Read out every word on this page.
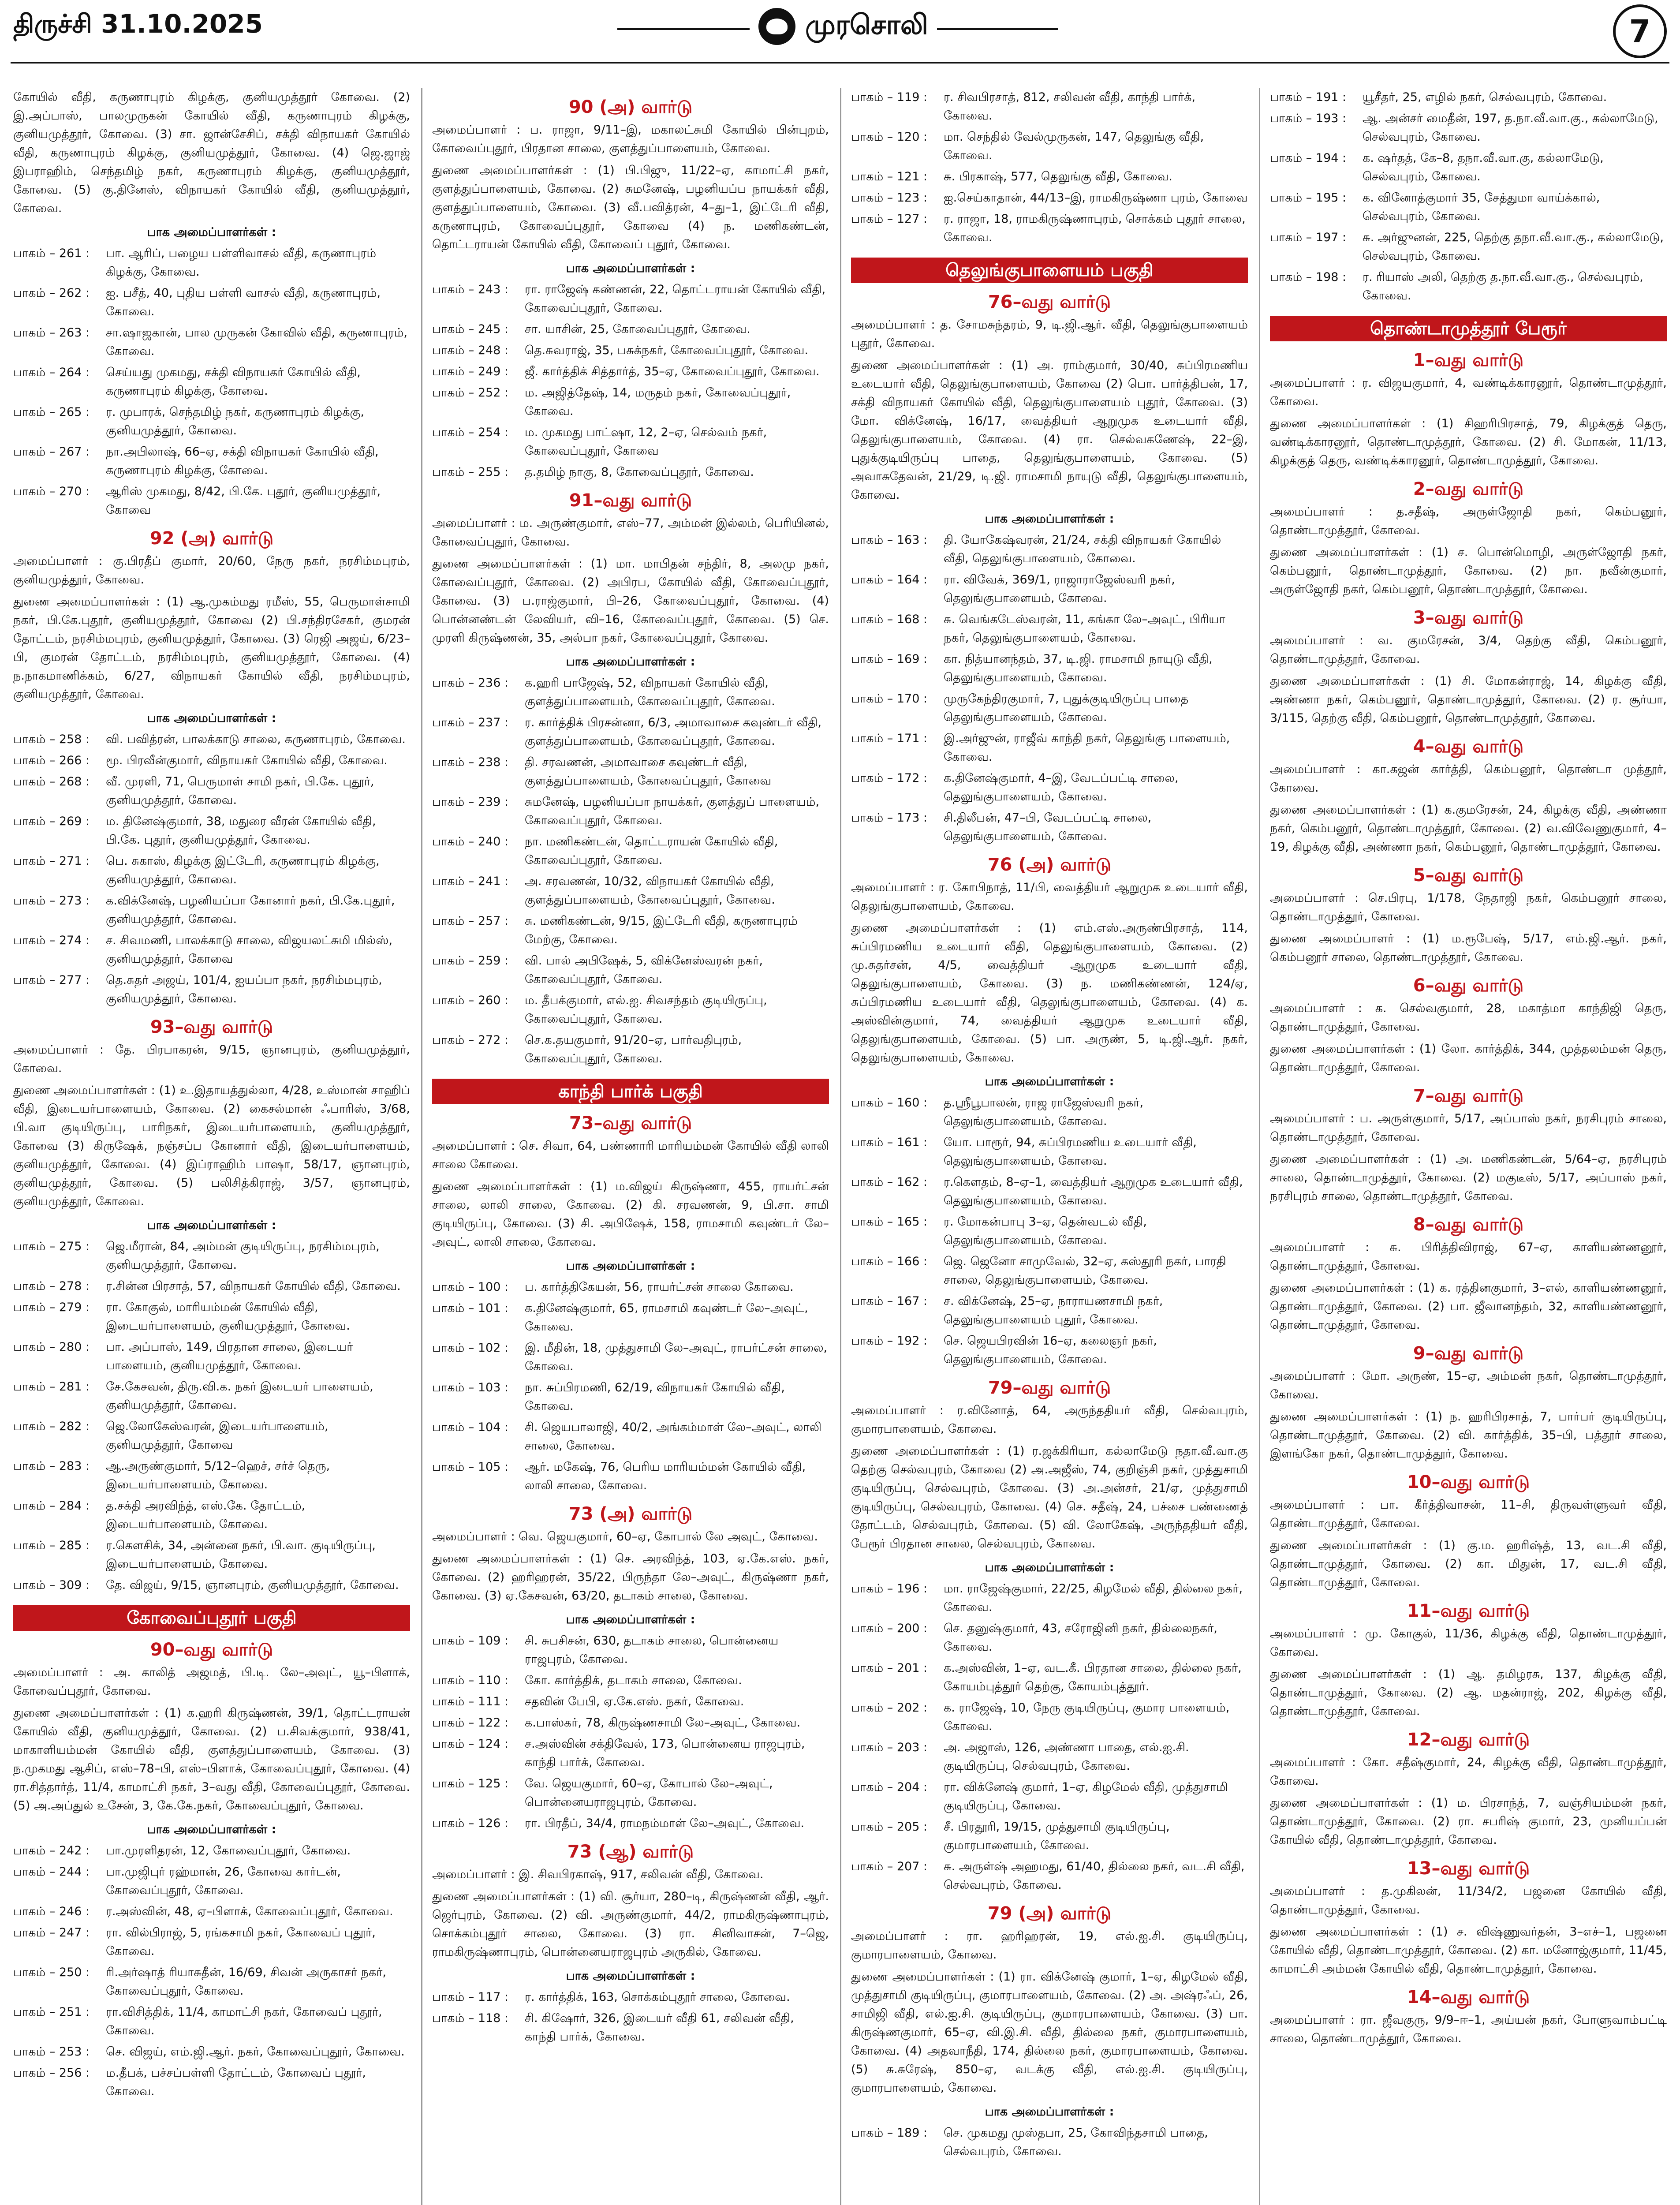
திருச்சி 31.10.2025	முரசொலி	7

கோயில் வீதி, கருணாபுரம் கிழக்கு, குனியமுத்தூர் கோவை. (2) இ.அப்பாஸ், பாலமுருகன் கோயில் வீதி, கருணாபுரம் கிழக்கு, குனியமுத்தூர், கோவை. (3) சா. ஜான்சேசிப், சக்தி விநாயகர் கோயில் வீதி, கருணாபுரம் கிழக்கு, குனியமுத்தூர், கோவை. (4) ஜெ.ஜாஜ் இபராஹிம், செந்தமிழ் நகர், கருணாபுரம் கிழக்கு, குனியமுத்தூர், கோவை. (5) கு.தினேஸ், விநாயகர் கோயில் வீதி, குனியமுத்தூர், கோவை.

பாக அமைப்பாளர்கள் :
பாகம் – 261 :	பா. ஆரிப், பழைய பள்ளிவாசல் வீதி, கருணாபுரம் கிழக்கு, கோவை.
பாகம் – 262 :	ஐ. பசீத், 40, புதிய பள்ளி வாசல் வீதி, கருணாபுரம், கோவை.
பாகம் – 263 :	சா.ஷாஜகான், பால முருகன் கோவில் வீதி, கருணாபுரம், கோவை.
பாகம் – 264 :	செய்யது முகமது, சக்தி விநாயகர் கோயில் வீதி, கருணாபுரம் கிழக்கு, கோவை.
பாகம் – 265 :	ர. முபாரக், செந்தமிழ் நகர், கருணாபுரம் கிழக்கு, குனியமுத்தூர், கோவை.
பாகம் – 267 :	நா.அபிலாஷ், 66–ஏ, சக்தி விநாயகர் கோயில் வீதி, கருணாபுரம் கிழக்கு, கோவை.
பாகம் – 270 :	ஆரிஸ் முகமது, 8/42, பி.கே. புதூர், குனியமுத்தூர், கோவை
92 (அ) வார்டு

அமைப்பாளர் : கு.பிரதீப் குமார், 20/60, நேரு நகர், நரசிம்மபுரம், குனியமுத்தூர், கோவை.

துணை அமைப்பாளர்கள் : (1) ஆ.முகம்மது ரமீஸ், 55, பெருமாள்சாமி நகர், பி.கே.புதூர், குனியமுத்தூர், கோவை (2) பி.சந்திரசேகர், குமரன் தோட்டம், நரசிம்மபுரம், குனியமுத்தூர், கோவை. (3) ரெஜி அஜய், 6/23–பி, குமரன் தோட்டம், நரசிம்மபுரம், குனியமுத்தூர், கோவை. (4) ந.நாகமாணிக்கம், 6/27, விநாயகர் கோயில் வீதி, நரசிம்மபுரம், குனியமுத்தூர், கோவை.

பாக அமைப்பாளர்கள் :
பாகம் – 258 :	வி. பவித்ரன், பாலக்காடு சாலை, கருணாபுரம், கோவை.
பாகம் – 266 :	மூ. பிரவீன்குமார், விநாயகர் கோயில் வீதி, கோவை.
பாகம் – 268 :	வீ. முரளி, 71, பெருமாள் சாமி நகர், பி.கே. புதூர், குனியமுத்தூர், கோவை.
பாகம் – 269 :	ம. தினேஷ்குமார், 38, மதுரை வீரன் கோயில் வீதி, பி.கே. புதூர், குனியமுத்தூர், கோவை.
பாகம் – 271 :	பெ. சுகாஸ், கிழக்கு இட்டேரி, கருணாபுரம் கிழக்கு, குனியமுத்தூர், கோவை.
பாகம் – 273 :	க.விக்னேஷ், பழனியப்பா கோனார் நகர், பி.கே.புதூர், குனியமுத்தூர், கோவை.
பாகம் – 274 :	ச. சிவமணி, பாலக்காடு சாலை, விஜயலட்சுமி மில்ஸ், குனியமுத்தூர், கோவை
பாகம் – 277 :	தெ.சுதர் அஜய், 101/4, ஐயப்பா நகர், நரசிம்மபுரம், குனியமுத்தூர், கோவை.
93–வது வார்டு

அமைப்பாளர் : தே. பிரபாகரன், 9/15, ஞானபுரம், குனியமுத்தூர், கோவை.

துணை அமைப்பாளர்கள் : (1) உ.இதாயத்துல்லா, 4/28, உஸ்மான் சாஹிப் வீதி, இடையர்பாளையம், கோவை. (2) கைசல்மான் ஃபாரிஸ், 3/68, பி.வா குடியிருப்பு, பாரிநகர், இடையர்பாளையம், குனியமுத்தூர், கோவை (3) கிருஷேக், நஞ்சப்ப கோனார் வீதி, இடையர்பாளையம், குனியமுத்தூர், கோவை. (4) இப்ராஹிம் பாஷா, 58/17, ஞானபுரம், குனியமுத்தூர், கோவை. (5) பலிசித்கிராஜ், 3/57, ஞானபுரம், குனியமுத்தூர், கோவை.

பாக அமைப்பாளர்கள் :
பாகம் – 275 :	ஜெ.மீரான், 84, அம்மன் குடியிருப்பு, நரசிம்மபுரம், குனியமுத்தூர், கோவை.
பாகம் – 278 :	ர.சின்ன பிரசாத், 57, விநாயகர் கோயில் வீதி, கோவை.
பாகம் – 279 :	ரா. கோகுல், மாரியம்மன் கோயில் வீதி, இடையர்பாளையம், குனியமுத்தூர், கோவை.
பாகம் – 280 :	பா. அப்பாஸ், 149, பிரதான சாலை, இடையர் பாளையம், குனியமுத்தூர், கோவை.
பாகம் – 281 :	சே.கேசவன், திரு.வி.க. நகர் இடையர் பாளையம், குனியமுத்தூர், கோவை.
பாகம் – 282 :	ஜெ.லோகேஸ்வரன், இடையர்பாளையம், குனியமுத்தூர், கோவை
பாகம் – 283 :	ஆ.அருண்குமார், 5/12–ஹெச், சர்ச் தெரு, இடையர்பாளையம், கோவை.
பாகம் – 284 :	த.சக்தி அரவிந்த், எஸ்.கே. தோட்டம், இடையர்பாளையம், கோவை.
பாகம் – 285 :	ர.கௌசிக், 34, அன்னை நகர், பி.வா. குடியிருப்பு, இடையர்பாளையம், கோவை.
பாகம் – 309 :	தே. விஜய், 9/15, ஞானபுரம், குனியமுத்தூர், கோவை.
கோவைப்புதூர் பகுதி
90–வது வார்டு

அமைப்பாளர் : அ. காலித் அஜமத், பி.டி. லே–அவுட், யூ–பிளாக், கோவைப்புதூர், கோவை.

துணை அமைப்பாளர்கள் : (1) க.ஹரி கிருஷ்ணன், 39/1, தொட்டராயன் கோயில் வீதி, குனியமுத்தூர், கோவை. (2) ப.சிவக்குமார், 938/41, மாகாளியம்மன் கோயில் வீதி, குளத்துப்பாளையம், கோவை. (3) ந.முகமது ஆசிப், எஸ்–78–பி, எஸ்–பிளாக், கோவைப்புதூர், கோவை. (4) ரா.சித்தார்த், 11/4, காமாட்சி நகர், 3–வது வீதி, கோவைப்புதூர், கோவை. (5) அ.அப்துல் உசேன், 3, கே.கே.நகர், கோவைப்புதூர், கோவை.

பாக அமைப்பாளர்கள் :
பாகம் – 242 :	பா.முரளிதரன், 12, கோவைப்புதூர், கோவை.
பாகம் – 244 :	பா.முஜிபுர் ரஹ்மான், 26, கோவை கார்டன், கோவைப்புதூர், கோவை.
பாகம் – 246 :	ர.அஸ்வின், 48, ஏ–பிளாக், கோவைப்புதூர், கோவை.
பாகம் – 247 :	ரா. வில்பிராஜ், 5, ரங்கசாமி நகர், கோவைப் புதூர், கோவை.
பாகம் – 250 :	ரி.அர்ஷாத் ரியாசுதீன், 16/69, சிவன் அருகாசர் நகர், கோவைப்புதூர், கோவை.
பாகம் – 251 :	ரா.விசித்திக், 11/4, காமாட்சி நகர், கோவைப் புதூர், கோவை.
பாகம் – 253 :	செ. விஜய், எம்.ஜி.ஆர். நகர், கோவைப்புதூர், கோவை.
பாகம் – 256 :	ம.தீபக், பச்சப்பள்ளி தோட்டம், கோவைப் புதூர், கோவை.
90 (அ) வார்டு

அமைப்பாளர் : ப. ராஜா, 9/11–இ, மகாலட்சுமி கோயில் பின்புறம், கோவைப்புதூர், பிரதான சாலை, குளத்துப்பாளையம், கோவை.

துணை அமைப்பாளர்கள் : (1) பி.பிஜு, 11/22–ஏ, காமாட்சி நகர், குளத்துப்பாளையம், கோவை. (2) சுமனேஷ், பழனியப்ப நாயக்கர் வீதி, குளத்துப்பாளையம், கோவை. (3) வீ.பவித்ரன், 4–து–1, இட்டேரி வீதி, கருணாபுரம், கோவைப்புதூர், கோவை (4) ந. மணிகண்டன், தொட்டராயன் கோயில் வீதி, கோவைப் புதூர், கோவை.

பாக அமைப்பாளர்கள் :
பாகம் – 243 :	ரா. ராஜேஷ் கண்ணன், 22, தொட்டராயன் கோயில் வீதி, கோவைப்புதூர், கோவை.
பாகம் – 245 :	சா. யாசின், 25, கோவைப்புதூர், கோவை.
பாகம் – 248 :	தெ.சுவராஜ், 35, பசுக்நகர், கோவைப்புதூர், கோவை.
பாகம் – 249 :	ஜீ. கார்த்திக் சித்தார்த், 35–ஏ, கோவைப்புதூர், கோவை.
பாகம் – 252 :	ம. அஜித்தேஷ், 14, மருதம் நகர், கோவைப்புதூர், கோவை.
பாகம் – 254 :	ம. முகமது பாட்ஷா, 12, 2–ஏ, செல்வம் நகர், கோவைப்புதூர், கோவை
பாகம் – 255 :	த.தமிழ் நாகு, 8, கோவைப்புதூர், கோவை.
91–வது வார்டு

அமைப்பாளர் : ம. அருண்குமார், எஸ்–77, அம்மன் இல்லம், பெரியினல், கோவைப்புதூர், கோவை.

துணை அமைப்பாளர்கள் : (1) மா. மாபிதன் சந்திர், 8, அலமு நகர், கோவைப்புதூர், கோவை. (2) அபிரப, கோயில் வீதி, கோவைப்புதூர், கோவை. (3) ப.ராஜ்குமார், பி–26, கோவைப்புதூர், கோவை. (4) பொன்னண்டன் லேவியர், வி–16, கோவைப்புதூர், கோவை. (5) செ. முரளி கிருஷ்ணன், 35, அல்பா நகர், கோவைப்புதூர், கோவை.

பாக அமைப்பாளர்கள் :
பாகம் – 236 :	க.ஹரி பாஜேஷ், 52, விநாயகர் கோயில் வீதி, குளத்துப்பாளையம், கோவைப்புதூர், கோவை.
பாகம் – 237 :	ர. கார்த்திக் பிரசன்னா, 6/3, அமாவாசை கவுண்டர் வீதி, குளத்துப்பாளையம், கோவைப்புதூர், கோவை.
பாகம் – 238 :	தி. சரவணன், அமாவாசை கவுண்டர் வீதி, குளத்துப்பாளையம், கோவைப்புதூர், கோவை
பாகம் – 239 :	சுமனேஷ், பழனியப்பா நாயக்கர், குளத்துப் பாளையம், கோவைப்புதூர், கோவை.
பாகம் – 240 :	நா. மணிகண்டன், தொட்டராயன் கோயில் வீதி, கோவைப்புதூர், கோவை.
பாகம் – 241 :	அ. சரவணன், 10/32, விநாயகர் கோயில் வீதி, குளத்துப்பாளையம், கோவைப்புதூர், கோவை.
பாகம் – 257 :	சு. மணிகண்டன், 9/15, இட்டேரி வீதி, கருணாபுரம் மேற்கு, கோவை.
பாகம் – 259 :	வி. பால் அபிஷேக், 5, விக்னேஸ்வரன் நகர், கோவைப்புதூர், கோவை.
பாகம் – 260 :	ம. தீபக்குமார், எல்.ஐ. சிவசந்தம் குடியிருப்பு, கோவைப்புதூர், கோவை.
பாகம் – 272 :	செ.க.தயகுமார், 91/20–ஏ, பார்வதிபுரம், கோவைப்புதூர், கோவை.
காந்தி பார்க் பகுதி
73–வது வார்டு

அமைப்பாளர் : செ. சிவா, 64, பண்ணாரி மாரியம்மன் கோயில் வீதி லாலி சாலை கோவை.

துணை அமைப்பாளர்கள் : (1) ம.விஜய் கிருஷ்ணா, 455, ராயர்ட்சன் சாலை, லாலி சாலை, கோவை. (2) கி. சரவணன், 9, பி.சா. சாமி குடியிருப்பு, கோவை. (3) சி. அபிஷேக், 158, ராமசாமி கவுண்டர் லே–அவுட், லாலி சாலை, கோவை.

பாக அமைப்பாளர்கள் :
பாகம் – 100 :	ப. கார்த்திகேயன், 56, ராயர்ட்சன் சாலை கோவை.
பாகம் – 101 :	க.தினேஷ்குமார், 65, ராமசாமி கவுண்டர் லே–அவுட், கோவை.
பாகம் – 102 :	இ. மீதின், 18, முத்துசாமி லே–அவுட், ராபர்ட்சன் சாலை, கோவை.
பாகம் – 103 :	நா. சுப்பிரமணி, 62/19, விநாயகர் கோயில் வீதி, கோவை.
பாகம் – 104 :	சி. ஜெயபாலாஜி, 40/2, அங்கம்மாள் லே–அவுட், லாலி சாலை, கோவை.
பாகம் – 105 :	ஆர். மகேஷ், 76, பெரிய மாரியம்மன் கோயில் வீதி, லாலி சாலை, கோவை.
73 (அ) வார்டு

அமைப்பாளர் : வெ. ஜெயகுமார், 60–ஏ, கோபால் லே அவுட், கோவை.

துணை அமைப்பாளர்கள் : (1) செ. அரவிந்த், 103, ஏ.கே.எஸ். நகர், கோவை. (2) ஹரிஹரன், 35/22, பிருந்தா லே–அவுட், கிருஷ்ணா நகர், கோவை. (3) ஏ.கேசவன், 63/20, தடாகம் சாலை, கோவை.

பாக அமைப்பாளர்கள் :
பாகம் – 109 :	சி. சுபசிசன், 630, தடாகம் சாலை, பொன்னைய ராஜபுரம், கோவை.
பாகம் – 110 :	கோ. கார்த்திக், தடாகம் சாலை, கோவை.
பாகம் – 111 :	சதவின் பேபி, ஏ.கே.எஸ். நகர், கோவை.
பாகம் – 122 :	க.பாஸ்கர், 78, கிருஷ்ணசாமி லே–அவுட், கோவை.
பாகம் – 124 :	ச.அஸ்வின் சக்திவேல், 173, பொன்னைய ராஜபுரம், காந்தி பார்க், கோவை.
பாகம் – 125 :	வே. ஜெயகுமார், 60–ஏ, கோபால் லே–அவுட், பொன்னையராஜபுரம், கோவை.
பாகம் – 126 :	ரா. பிரதீப், 34/4, ராமநம்மாள் லே–அவுட், கோவை.
73 (ஆ) வார்டு

அமைப்பாளர் : இ. சிவபிரகாஷ், 917, சலிவன் வீதி, கோவை.

துணை அமைப்பாளர்கள் : (1) வி. சூர்யா, 280–டி, கிருஷ்ணன் வீதி, ஆர். ஜெர்புரம், கோவை. (2) வி. அருண்குமார், 44/2, ராமகிருஷ்ணாபுரம், சொக்கம்புதூர் சாலை, கோவை. (3) ரா. சினிவாசன், 7–ஜெ, ராமகிருஷ்ணாபுரம், பொன்னையராஜபுரம் அருகில், கோவை.

பாக அமைப்பாளர்கள் :
பாகம் – 117 :	ர. கார்த்திக், 163, சொக்கம்புதூர் சாலை, கோவை.
பாகம் – 118 :	சி. கிஷோர், 326, இடையர் வீதி 61, சலிவன் வீதி, காந்தி பார்க், கோவை.
பாகம் – 119 :	ர. சிவபிரசாத், 812, சலிவன் வீதி, காந்தி பார்க், கோவை.
பாகம் – 120 :	மா. செந்தில் வேல்முருகன், 147, தெலுங்கு வீதி, கோவை.
பாகம் – 121 :	சு. பிரகாஷ், 577, தெலுங்கு வீதி, கோவை.
பாகம் – 123 :	ஐ.செய்காதான், 44/13–இ, ராமகிருஷ்ணா புரம், கோவை
பாகம் – 127 :	ர. ராஜா, 18, ராமகிருஷ்ணாபுரம், சொக்கம் புதூர் சாலை, கோவை.
தெலுங்குபாளையம் பகுதி
76–வது வார்டு

அமைப்பாளர் : த. சோமசுந்தரம், 9, டி.ஜி.ஆர். வீதி, தெலுங்குபாளையம் புதூர், கோவை.

துணை அமைப்பாளர்கள் : (1) அ. ராம்குமார், 30/40, சுப்பிரமணிய உடையார் வீதி, தெலுங்குபாளையம், கோவை (2) பொ. பார்த்திபன், 17, சக்தி விநாயகர் கோயில் வீதி, தெலுங்குபாளையம் புதூர், கோவை. (3) மோ. விக்னேஷ், 16/17, வைத்தியர் ஆறுமுக உடையார் வீதி, தெலுங்குபாளையம், கோவை. (4) ரா. செல்வகணேஷ், 22–இ, புதுக்குடியிருப்பு பாதை, தெலுங்குபாளையம், கோவை. (5) அவாசுதேவன், 21/29, டி.ஜி. ராமசாமி நாயுடு வீதி, தெலுங்குபாளையம், கோவை.

பாக அமைப்பாளர்கள் :
பாகம் – 163 :	தி. யோகேஷ்வரன், 21/24, சக்தி விநாயகர் கோயில் வீதி, தெலுங்குபாளையம், கோவை.
பாகம் – 164 :	ரா. விவேக், 369/1, ராஜாராஜேஸ்வரி நகர், தெலுங்குபாளையம், கோவை.
பாகம் – 168 :	சு. வெங்கடேஸ்வரன், 11, கங்கா லே–அவுட், பிரியா நகர், தெலுங்குபாளையம், கோவை.
பாகம் – 169 :	கா. நித்யானந்தம், 37, டி.ஜி. ராமசாமி நாயுடு வீதி, தெலுங்குபாளையம், கோவை.
பாகம் – 170 :	முருகேந்திரகுமார், 7, புதுக்குடியிருப்பு பாதை தெலுங்குபாளையம், கோவை.
பாகம் – 171 :	இ.அர்ஜுன், ராஜீவ் காந்தி நகர், தெலுங்கு பாளையம், கோவை.
பாகம் – 172 :	க.தினேஷ்குமார், 4–இ, வேடப்பட்டி சாலை, தெலுங்குபாளையம், கோவை.
பாகம் – 173 :	சி.திலீபன், 47–பி, வேடப்பட்டி சாலை, தெலுங்குபாளையம், கோவை.
76 (அ) வார்டு

அமைப்பாளர் : ர. கோபிநாத், 11/பி, வைத்தியர் ஆறுமுக உடையார் வீதி, தெலுங்குபாளையம், கோவை.

துணை அமைப்பாளர்கள் : (1) எம்.எஸ்.அருண்பிரசாத், 114, சுப்பிரமணிய உடையார் வீதி, தெலுங்குபாளையம், கோவை. (2) மு.சுதர்சன், 4/5, வைத்தியர் ஆறுமுக உடையார் வீதி, தெலுங்குபாளையம், கோவை. (3) ந. மணிகண்ணன், 124/ஏ, சுப்பிரமணிய உடையார் வீதி, தெலுங்குபாளையம், கோவை. (4) க. அஸ்வின்குமார், 74, வைத்தியர் ஆறுமுக உடையார் வீதி, தெலுங்குபாளையம், கோவை. (5) பா. அருண், 5, டி.ஜி.ஆர். நகர், தெலுங்குபாளையம், கோவை.

பாக அமைப்பாளர்கள் :
பாகம் – 160 :	த.ஸ்ரீபூபாலன், ராஜ ராஜேஸ்வரி நகர், தெலுங்குபாளையம், கோவை.
பாகம் – 161 :	யோ. பாரூர், 94, சுப்பிரமணிய உடையார் வீதி, தெலுங்குபாளையம், கோவை.
பாகம் – 162 :	ர.கௌதம், 8–ஏ–1, வைத்தியர் ஆறுமுக உடையார் வீதி, தெலுங்குபாளையம், கோவை.
பாகம் – 165 :	ர. மோகன்பாபு 3–ஏ, தென்வடல் வீதி, தெலுங்குபாளையம், கோவை.
பாகம் – 166 :	ஜெ. ஜெனோ சாமுவேல், 32–ஏ, கஸ்தூரி நகர், பாரதி சாலை, தெலுங்குபாளையம், கோவை.
பாகம் – 167 :	ச. விக்னேஷ், 25–ஏ, நாராயணசாமி நகர், தெலுங்குபாளையம் புதூர், கோவை.
பாகம் – 192 :	செ. ஜெயபிரவின் 16–ஏ, கலைஞர் நகர், தெலுங்குபாளையம், கோவை.
79–வது வார்டு

அமைப்பாளர் : ர.வினோத், 64, அருந்ததியர் வீதி, செல்வபுரம், குமாரபாளையம், கோவை.

துணை அமைப்பாளர்கள் : (1) ர.ஜக்கிரியா, கல்லாமேடு நதா.வீ.வா.கு தெற்கு செல்வபுரம், கோவை (2) அ.அஜீஸ், 74, குறிஞ்சி நகர், முத்துசாமி குடியிருப்பு, செல்வபுரம், கோவை. (3) அ.அன்சர், 21/ஏ, முத்துசாமி குடியிருப்பு, செல்வபுரம், கோவை. (4) செ. சதீஷ், 24, பச்சை பண்ணைத் தோட்டம், செல்வபுரம், கோவை. (5) வி. லோகேஷ், அருந்ததியர் வீதி, பேரூர் பிரதான சாலை, செல்வபுரம், கோவை.

பாக அமைப்பாளர்கள் :
பாகம் – 196 :	மா. ராஜேஷ்குமார், 22/25, கிழமேல் வீதி, தில்லை நகர், கோவை.
பாகம் – 200 :	செ. தனுஷ்குமார், 43, சரோஜினி நகர், தில்லைநகர், கோவை.
பாகம் – 201 :	க.அஸ்வின், 1–ஏ, வட.கீ. பிரதான சாலை, தில்லை நகர், கோயம்புத்தூர் தெற்கு, கோயம்புத்தூர்.
பாகம் – 202 :	க. ராஜேஷ், 10, நேரு குடியிருப்பு, குமார பாளையம், கோவை.
பாகம் – 203 :	அ. அஜாஸ், 126, அண்ணா பாதை, எல்.ஐ.சி. குடியிருப்பு, செல்வபுரம், கோவை.
பாகம் – 204 :	ரா. விக்னேஷ் குமார், 1–ஏ, கிழமேல் வீதி, முத்துசாமி குடியிருப்பு, கோவை.
பாகம் – 205 :	சீ. பிரதூரி, 19/15, முத்துசாமி குடியிருப்பு, குமாரபாளையம், கோவை.
பாகம் – 207 :	சு. அருள்ஷ் அஹமது, 61/40, தில்லை நகர், வட.சி வீதி, செல்வபுரம், கோவை.
79 (அ) வார்டு

அமைப்பாளர் : ரா. ஹரிஹரன், 19, எல்.ஐ.சி. குடியிருப்பு, குமாரபாளையம், கோவை.

துணை அமைப்பாளர்கள் : (1) ரா. விக்னேஷ் குமார், 1–ஏ, கிழமேல் வீதி, முத்துசாமி குடியிருப்பு, குமாரபாளையம், கோவை. (2) அ. அஷ்ரஃப், 26, சாமிஜி வீதி, எல்.ஐ.சி. குடியிருப்பு, குமாரபாளையம், கோவை. (3) பா. கிருஷ்ணகுமார், 65–ஏ, வி.இ.சி. வீதி, தில்லை நகர், குமாரபாளையம், கோவை. (4) அதவாநீதி, 174, தில்லை நகர், குமாரபாளையம், கோவை. (5) சு.சுரேஷ், 850–ஏ, வடக்கு வீதி, எல்.ஐ.சி. குடியிருப்பு, குமாரபாளையம், கோவை.

பாக அமைப்பாளர்கள் :
பாகம் – 189 :	செ. முகமது முஸ்தபா, 25, கோவிந்தசாமி பாதை, செல்வபுரம், கோவை.
பாகம் – 191 :	யூசீதர், 25, எழில் நகர், செல்வபுரம், கோவை.
பாகம் – 193 :	ஆ. அன்சர் மைதீன், 197, த.நா.வீ.வா.கு., கல்லாமேடு, செல்வபுரம், கோவை.
பாகம் – 194 :	க. ஷர்தத், கே–8, தநா.வீ.வா.கு, கல்லாமேடு, செல்வபுரம், கோவை.
பாகம் – 195 :	க. வினோத்குமார் 35, சேத்துமா வாய்க்கால், செல்வபுரம், கோவை.
பாகம் – 197 :	சு. அர்ஜுனன், 225, தெற்கு தநா.வீ.வா.கு., கல்லாமேடு, செல்வபுரம், கோவை.
பாகம் – 198 :	ர. ரியாஸ் அலி, தெற்கு த.நா.வீ.வா.கு., செல்வபுரம், கோவை.
தொண்டாமுத்தூர் பேரூர்
1–வது வார்டு

அமைப்பாளர் : ர. விஜயகுமார், 4, வண்டிக்காரனூர், தொண்டாமுத்தூர், கோவை.

துணை அமைப்பாளர்கள் : (1) சிஹரிபிரசாத், 79, கிழக்குத் தெரு, வண்டிக்காரனூர், தொண்டாமுத்தூர், கோவை. (2) சி. மோகன், 11/13, கிழக்குத் தெரு, வண்டிக்காரனூர், தொண்டாமுத்தூர், கோவை.

2–வது வார்டு

அமைப்பாளர் : த.சதீஷ், அருள்ஜோதி நகர், கெம்பனூர், தொண்டாமுத்தூர், கோவை.

துணை அமைப்பாளர்கள் : (1) ச. பொன்மொழி, அருள்ஜோதி நகர், கெம்பனூர், தொண்டாமுத்தூர், கோவை. (2) நா. நவீன்குமார், அருள்ஜோதி நகர், கெம்பனூர், தொண்டாமுத்தூர், கோவை.

3–வது வார்டு

அமைப்பாளர் : வ. குமரேசன், 3/4, தெற்கு வீதி, கெம்பனூர், தொண்டாமுத்தூர், கோவை.

துணை அமைப்பாளர்கள் : (1) சி. மோகன்ராஜ், 14, கிழக்கு வீதி, அண்ணா நகர், கெம்பனூர், தொண்டாமுத்தூர், கோவை. (2) ர. சூர்யா, 3/115, தெற்கு வீதி, கெம்பனூர், தொண்டாமுத்தூர், கோவை.

4–வது வார்டு

அமைப்பாளர் : கா.கஜன் கார்த்தி, கெம்பனூர், தொண்டா முத்தூர், கோவை.

துணை அமைப்பாளர்கள் : (1) க.குமரேசன், 24, கிழக்கு வீதி, அண்ணா நகர், கெம்பனூர், தொண்டாமுத்தூர், கோவை. (2) வ.விவேணுகுமார், 4–19, கிழக்கு வீதி, அண்ணா நகர், கெம்பனூர், தொண்டாமுத்தூர், கோவை.

5–வது வார்டு

அமைப்பாளர் : செ.பிரபு, 1/178, நேதாஜி நகர், கெம்பனூர் சாலை, தொண்டாமுத்தூர், கோவை.

துணை அமைப்பாளர் : (1) ம.ரூபேஷ், 5/17, எம்.ஜி.ஆர். நகர், கெம்பனூர் சாலை, தொண்டாமுத்தூர், கோவை.

6–வது வார்டு

அமைப்பாளர் : க. செல்வகுமார், 28, மகாத்மா காந்திஜி தெரு, தொண்டாமுத்தூர், கோவை.

துணை அமைப்பாளர்கள் : (1) லோ. கார்த்திக், 344, முத்தலம்மன் தெரு, தொண்டாமுத்தூர், கோவை.

7–வது வார்டு

அமைப்பாளர் : ப. அருள்குமார், 5/17, அப்பாஸ் நகர், நரசிபுரம் சாலை, தொண்டாமுத்தூர், கோவை.

துணை அமைப்பாளர்கள் : (1) அ. மணிகண்டன், 5/64–ஏ, நரசிபுரம் சாலை, தொண்டாமுத்தூர், கோவை. (2) மகுடீஸ், 5/17, அப்பாஸ் நகர், நரசிபுரம் சாலை, தொண்டாமுத்தூர், கோவை.

8–வது வார்டு

அமைப்பாளர் : சு. பிரித்திவிராஜ், 67–ஏ, காளியண்ணனூர், தொண்டாமுத்தூர், கோவை.

துணை அமைப்பாளர்கள் : (1) க. ரத்தினகுமார், 3–எல், காளியண்ணனூர், தொண்டாமுத்தூர், கோவை. (2) பா. ஜீவானந்தம், 32, காளியண்ணனூர், தொண்டாமுத்தூர், கோவை.

9–வது வார்டு

அமைப்பாளர் : மோ. அருண், 15–ஏ, அம்மன் நகர், தொண்டாமுத்தூர், கோவை.

துணை அமைப்பாளர்கள் : (1) ந. ஹரிபிரசாத், 7, பார்பர் குடியிருப்பு, தொண்டாமுத்தூர், கோவை. (2) வி. கார்த்திக், 35–பி, பத்தூர் சாலை, இளங்கோ நகர், தொண்டாமுத்தூர், கோவை.

10–வது வார்டு

அமைப்பாளர் : பா. கீர்த்திவாசன், 11–சி, திருவள்ளுவர் வீதி, தொண்டாமுத்தூர், கோவை.

துணை அமைப்பாளர்கள் : (1) கு.ம. ஹரிஷ்த், 13, வட.சி வீதி, தொண்டாமுத்தூர், கோவை. (2) கா. மிதுன், 17, வட.சி வீதி, தொண்டாமுத்தூர், கோவை.

11–வது வார்டு

அமைப்பாளர் : மு. கோகுல், 11/36, கிழக்கு வீதி, தொண்டாமுத்தூர், கோவை.

துணை அமைப்பாளர்கள் : (1) ஆ. தமிழரசு, 137, கிழக்கு வீதி, தொண்டாமுத்தூர், கோவை. (2) ஆ. மதன்ராஜ், 202, கிழக்கு வீதி, தொண்டாமுத்தூர், கோவை.

12–வது வார்டு

அமைப்பாளர் : கோ. சதீஷ்குமார், 24, கிழக்கு வீதி, தொண்டாமுத்தூர், கோவை.

துணை அமைப்பாளர்கள் : (1) ம. பிரசாந்த், 7, வஞ்சியம்மன் நகர், தொண்டாமுத்தூர், கோவை. (2) ரா. சபரிஷ் குமார், 23, முனியப்பன் கோயில் வீதி, தொண்டாமுத்தூர், கோவை.

13–வது வார்டு

அமைப்பாளர் : த.முகிலன், 11/34/2, பஜனை கோயில் வீதி, தொண்டாமுத்தூர், கோவை.

துணை அமைப்பாளர்கள் : (1) ச. விஷ்ணுவர்தன், 3–எச்–1, பஜனை கோயில் வீதி, தொண்டாமுத்தூர், கோவை. (2) கா. மனோஜ்குமார், 11/45, காமாட்சி அம்மன் கோயில் வீதி, தொண்டாமுத்தூர், கோவை.

14–வது வார்டு

அமைப்பாளர் : ரா. ஜீவகுரு, 9/9–ஈ–1, அய்யன் நகர், போளுவாம்பட்டி சாலை, தொண்டாமுத்தூர், கோவை.
